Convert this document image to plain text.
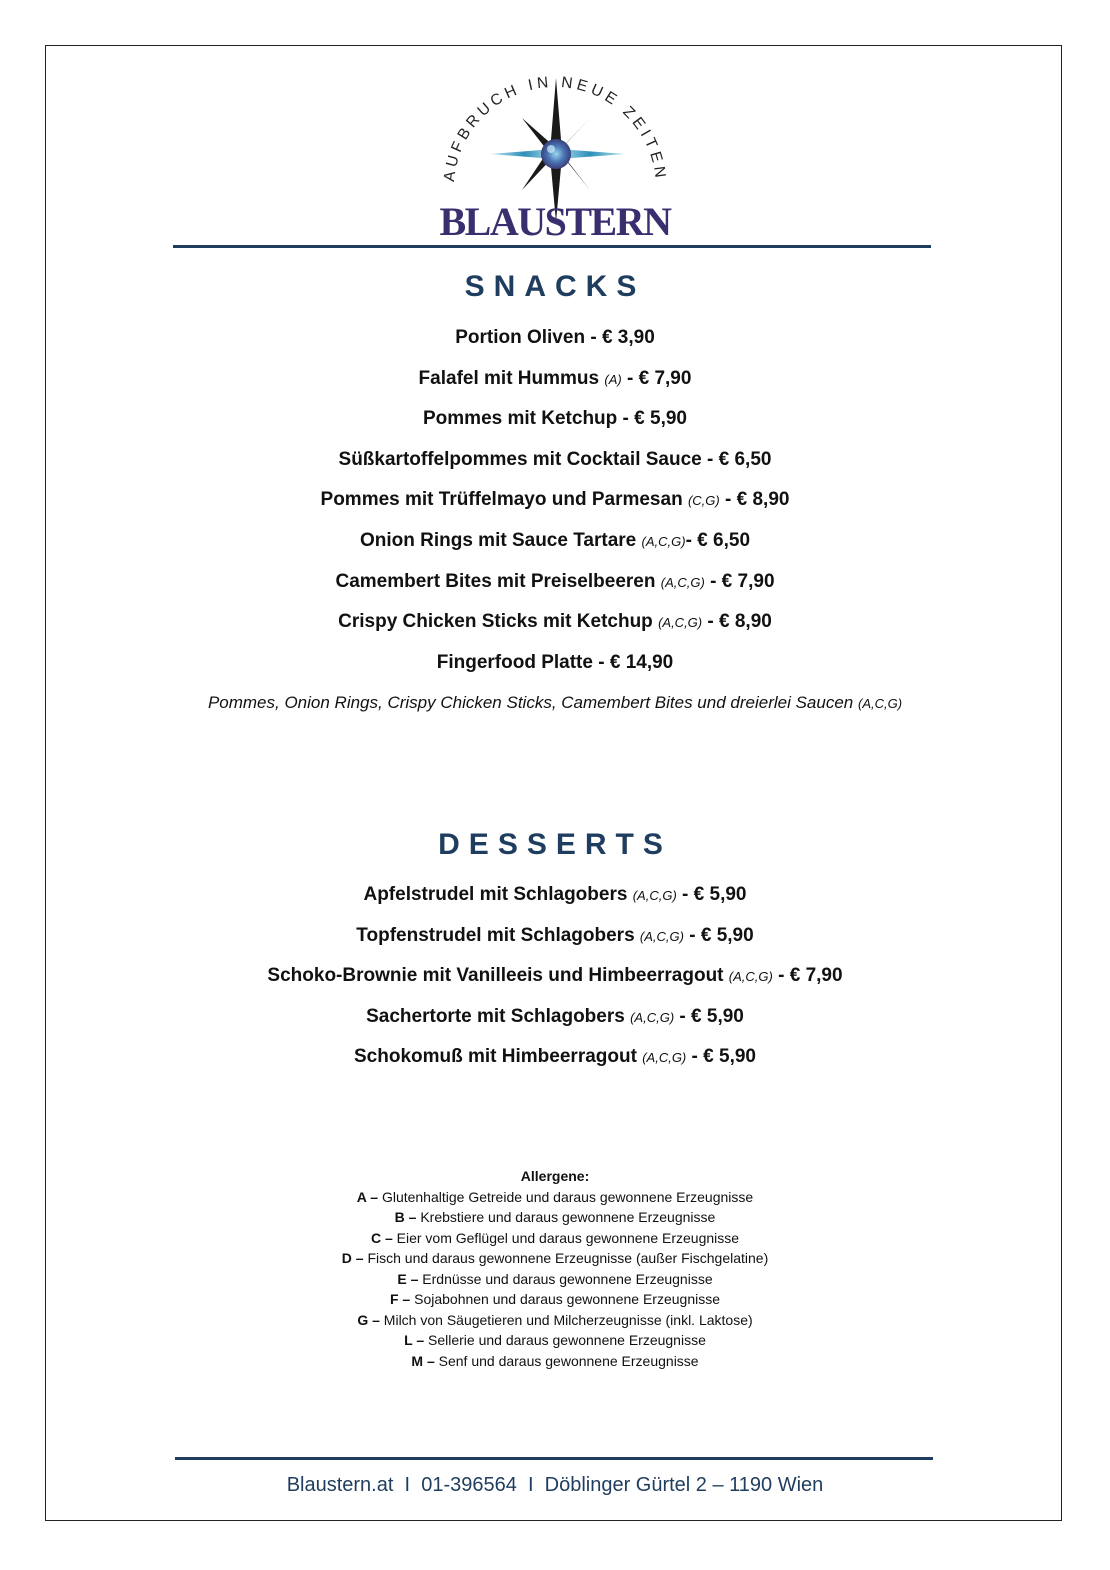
AUFBRUCH IN NEUE ZEITEN
BLAUSTERN
SNACKS
Portion Oliven - € 3,90
Falafel mit Hummus (A) - € 7,90
Pommes mit Ketchup - € 5,90
Süßkartoffelpommes mit Cocktail Sauce - € 6,50
Pommes mit Trüffelmayo und Parmesan (C,G) - € 8,90
Onion Rings mit Sauce Tartare (A,C,G)- € 6,50
Camembert Bites mit Preiselbeeren (A,C,G) - € 7,90
Crispy Chicken Sticks mit Ketchup (A,C,G) - € 8,90
Fingerfood Platte - € 14,90
Pommes, Onion Rings, Crispy Chicken Sticks, Camembert Bites und dreierlei Saucen (A,C,G)
DESSERTS
Apfelstrudel mit Schlagobers (A,C,G) - € 5,90
Topfenstrudel mit Schlagobers (A,C,G) - € 5,90
Schoko-Brownie mit Vanilleeis und Himbeerragout (A,C,G) - € 7,90
Sachertorte mit Schlagobers (A,C,G) - € 5,90
Schokomuß mit Himbeerragout (A,C,G) - € 5,90
Allergene:
A – Glutenhaltige Getreide und daraus gewonnene Erzeugnisse
B – Krebstiere und daraus gewonnene Erzeugnisse
C – Eier vom Geflügel und daraus gewonnene Erzeugnisse
D – Fisch und daraus gewonnene Erzeugnisse (außer Fischgelatine)
E – Erdnüsse und daraus gewonnene Erzeugnisse
F – Sojabohnen und daraus gewonnene Erzeugnisse
G – Milch von Säugetieren und Milcherzeugnisse (inkl. Laktose)
L – Sellerie und daraus gewonnene Erzeugnisse
M – Senf und daraus gewonnene Erzeugnisse
Blaustern.at  I  01-396564  I  Döblinger Gürtel 2 – 1190 Wien
